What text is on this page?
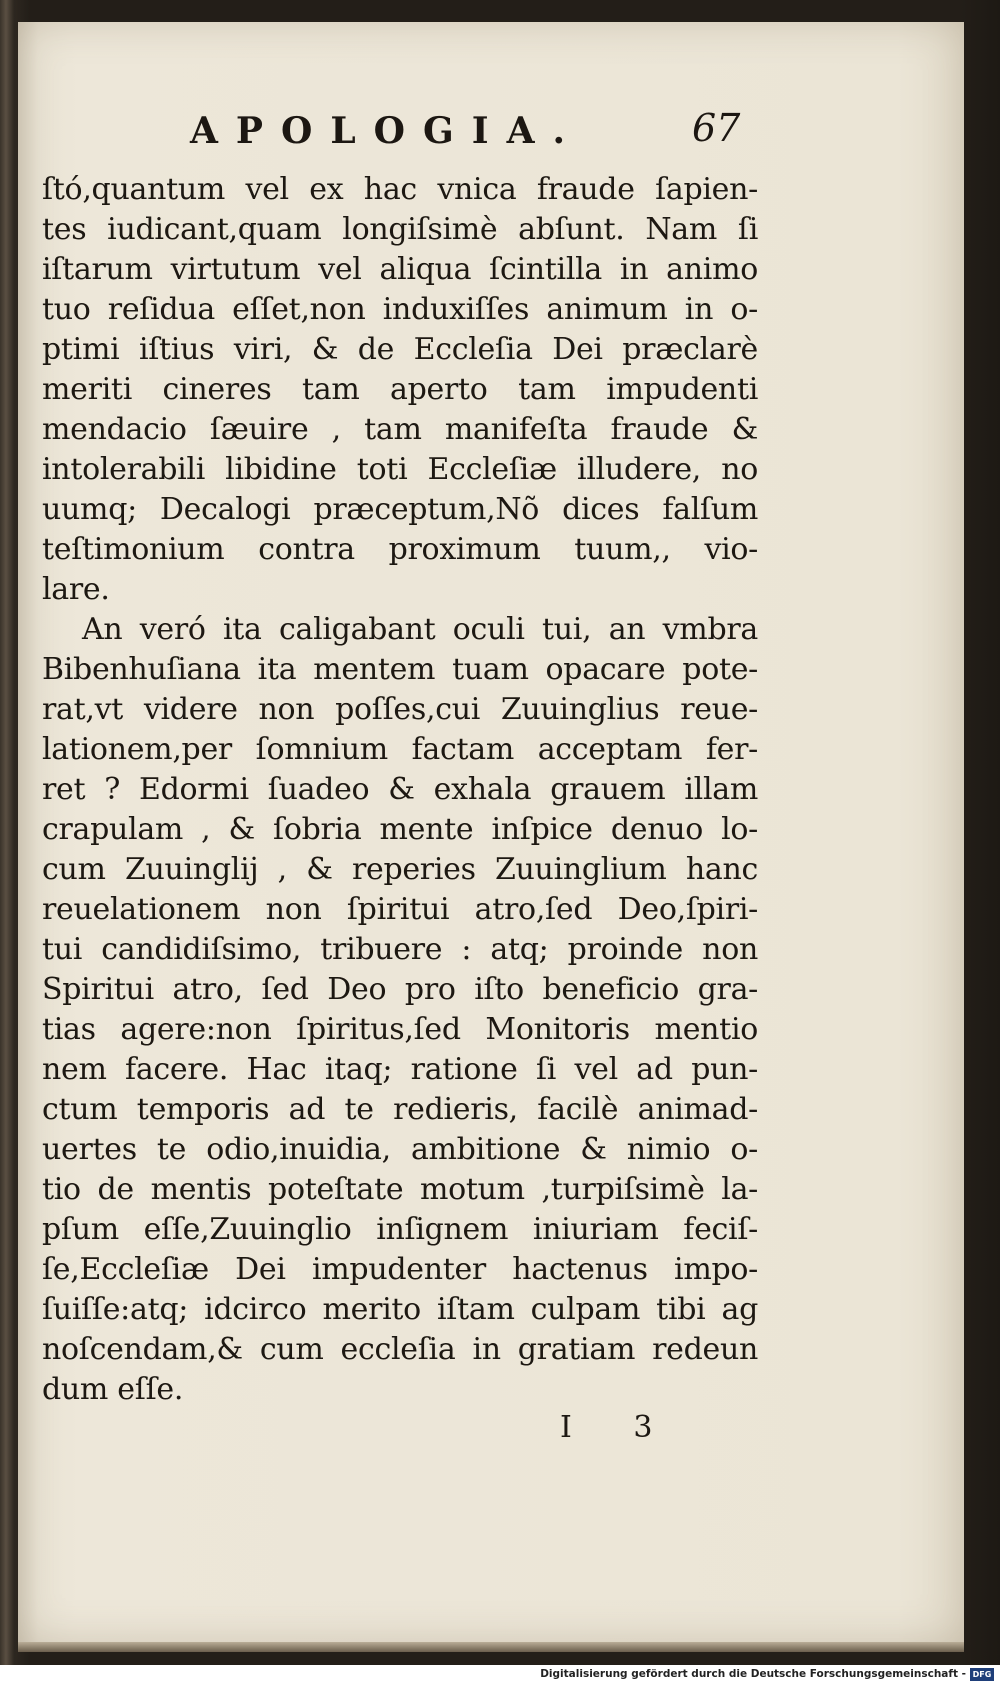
APOLOGIA.	67
ſtó,quantum vel ex hac vnica fraude ſapien-
tes iudicant,quam longiſsimè abſunt. Nam ſi
iſtarum virtutum vel aliqua ſcintilla in animo
tuo reſidua eſſet,non induxiſſes animum in o-
ptimi iſtius viri, & de Eccleſia Dei præclarè
meriti cineres tam aperto tam impudenti
mendacio ſæuire , tam manifeſta fraude &
intolerabili libidine toti Eccleſiæ illudere, no
uumq; Decalogi præceptum,Nõ dices falſum
teſtimonium contra proximum tuum,, vio-
lare.
An veró ita caligabant oculi tui, an vmbra
Bibenhuſiana ita mentem tuam opacare pote-
rat,vt videre non poſſes,cui Zuuinglius reue-
lationem,per ſomnium factam acceptam fer-
ret ? Edormi ſuadeo & exhala grauem illam
crapulam , & ſobria mente inſpice denuo lo-
cum Zuuinglij , & reperies Zuuinglium hanc
reuelationem non ſpiritui atro,ſed Deo,ſpiri-
tui candidiſsimo, tribuere : atq; proinde non
Spiritui atro, ſed Deo pro iſto beneficio gra-
tias agere:non ſpiritus,ſed Monitoris mentio
nem facere. Hac itaq; ratione ſi vel ad pun-
ctum temporis ad te redieris, facilè animad-
uertes te odio,inuidia, ambitione & nimio o-
tio de mentis poteſtate motum ,turpiſsimè la-
pſum eſſe,Zuuinglio inſignem iniuriam feciſ-
ſe,Eccleſiæ Dei impudenter hactenus impo-
ſuiſſe:atq; idcirco merito iſtam culpam tibi ag
noſcendam,& cum eccleſia in gratiam redeun
dum eſſe.
I 3
Digitalisierung gefördert durch die Deutsche Forschungsgemeinschaft - DFG
